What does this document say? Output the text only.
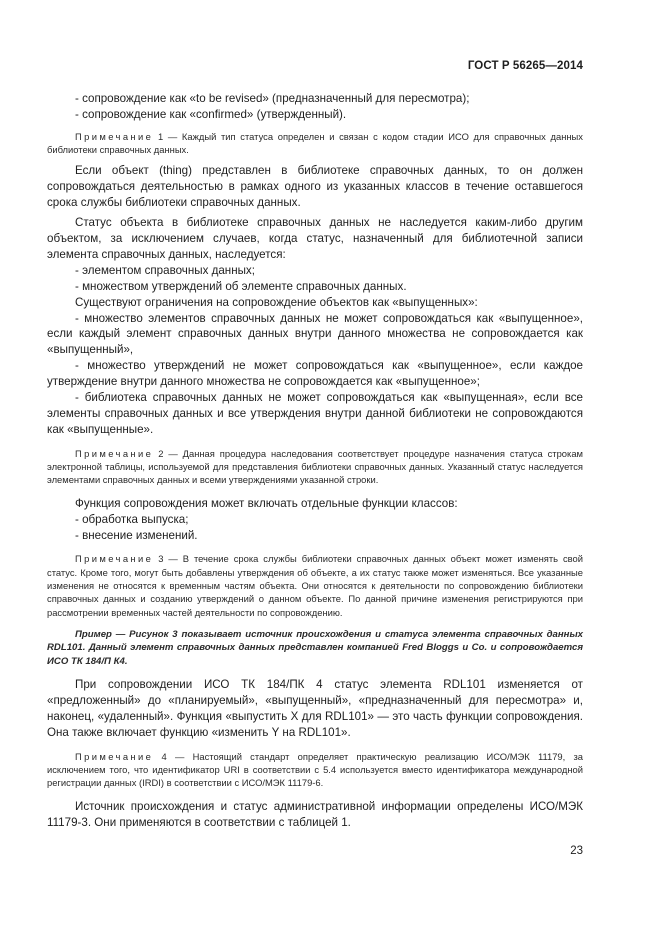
ГОСТ Р 56265—2014

- сопровождение как «to be revised» (предназначенный для пересмотра);

- сопровождение как «confirmed» (утвержденный).

Примечание 1 — Каждый тип статуса определен и связан с кодом стадии ИСО для справочных данных библиотеки справочных данных.

Если объект (thing) представлен в библиотеке справочных данных, то он должен сопровождаться деятельностью в рамках одного из указанных классов в течение оставшегося срока службы библиотеки справочных данных.

Статус объекта в библиотеке справочных данных не наследуется каким-либо другим объектом, за исключением случаев, когда статус, назначенный для библиотечной записи элемента справочных данных, наследуется:

- элементом справочных данных;

- множеством утверждений об элементе справочных данных.

Существуют ограничения на сопровождение объектов как «выпущенных»:

- множество элементов справочных данных не может сопровождаться как «выпущенное», если каждый элемент справочных данных внутри данного множества не сопровождается как «выпущенный»,

- множество утверждений не может сопровождаться как «выпущенное», если каждое утверждение внутри данного множества не сопровождается как «выпущенное»;

- библиотека справочных данных не может сопровождаться как «выпущенная», если все элементы справочных данных и все утверждения внутри данной библиотеки не сопровождаются как «выпущенные».

Примечание 2 — Данная процедура наследования соответствует процедуре назначения статуса строкам электронной таблицы, используемой для представления библиотеки справочных данных. Указанный статус наследуется элементами справочных данных и всеми утверждениями указанной строки.

Функция сопровождения может включать отдельные функции классов:

- обработка выпуска;

- внесение изменений.

Примечание 3 — В течение срока службы библиотеки справочных данных объект может изменять свой статус. Кроме того, могут быть добавлены утверждения об объекте, а их статус также может изменяться. Все указанные изменения не относятся к временным частям объекта. Они относятся к деятельности по сопровождению библиотеки справочных данных и созданию утверждений о данном объекте. По данной причине изменения регистрируются при рассмотрении временных частей деятельности по сопровождению.

Пример — Рисунок 3 показывает источник происхождения и статуса элемента справочных данных RDL101. Данный элемент справочных данных представлен компанией Fred Bloggs и Co. и сопровождается ИСО ТК 184/П К4.

При сопровождении ИСО ТК 184/ПК 4 статус элемента RDL101 изменяется от «предложенный» до «планируемый», «выпущенный», «предназначенный для пересмотра» и, наконец, «удаленный». Функция «выпустить X для RDL101» — это часть функции сопровождения. Она также включает функцию «изменить Y на RDL101».

Примечание 4 — Настоящий стандарт определяет практическую реализацию ИСО/МЭК 11179, за исключением того, что идентификатор URI в соответствии с 5.4 используется вместо идентификатора международной регистрации данных (IRDI) в соответствии с ИСО/МЭК 11179-6.

Источник происхождения и статус административной информации определены ИСО/МЭК 11179-3. Они применяются в соответствии с таблицей 1.

23
